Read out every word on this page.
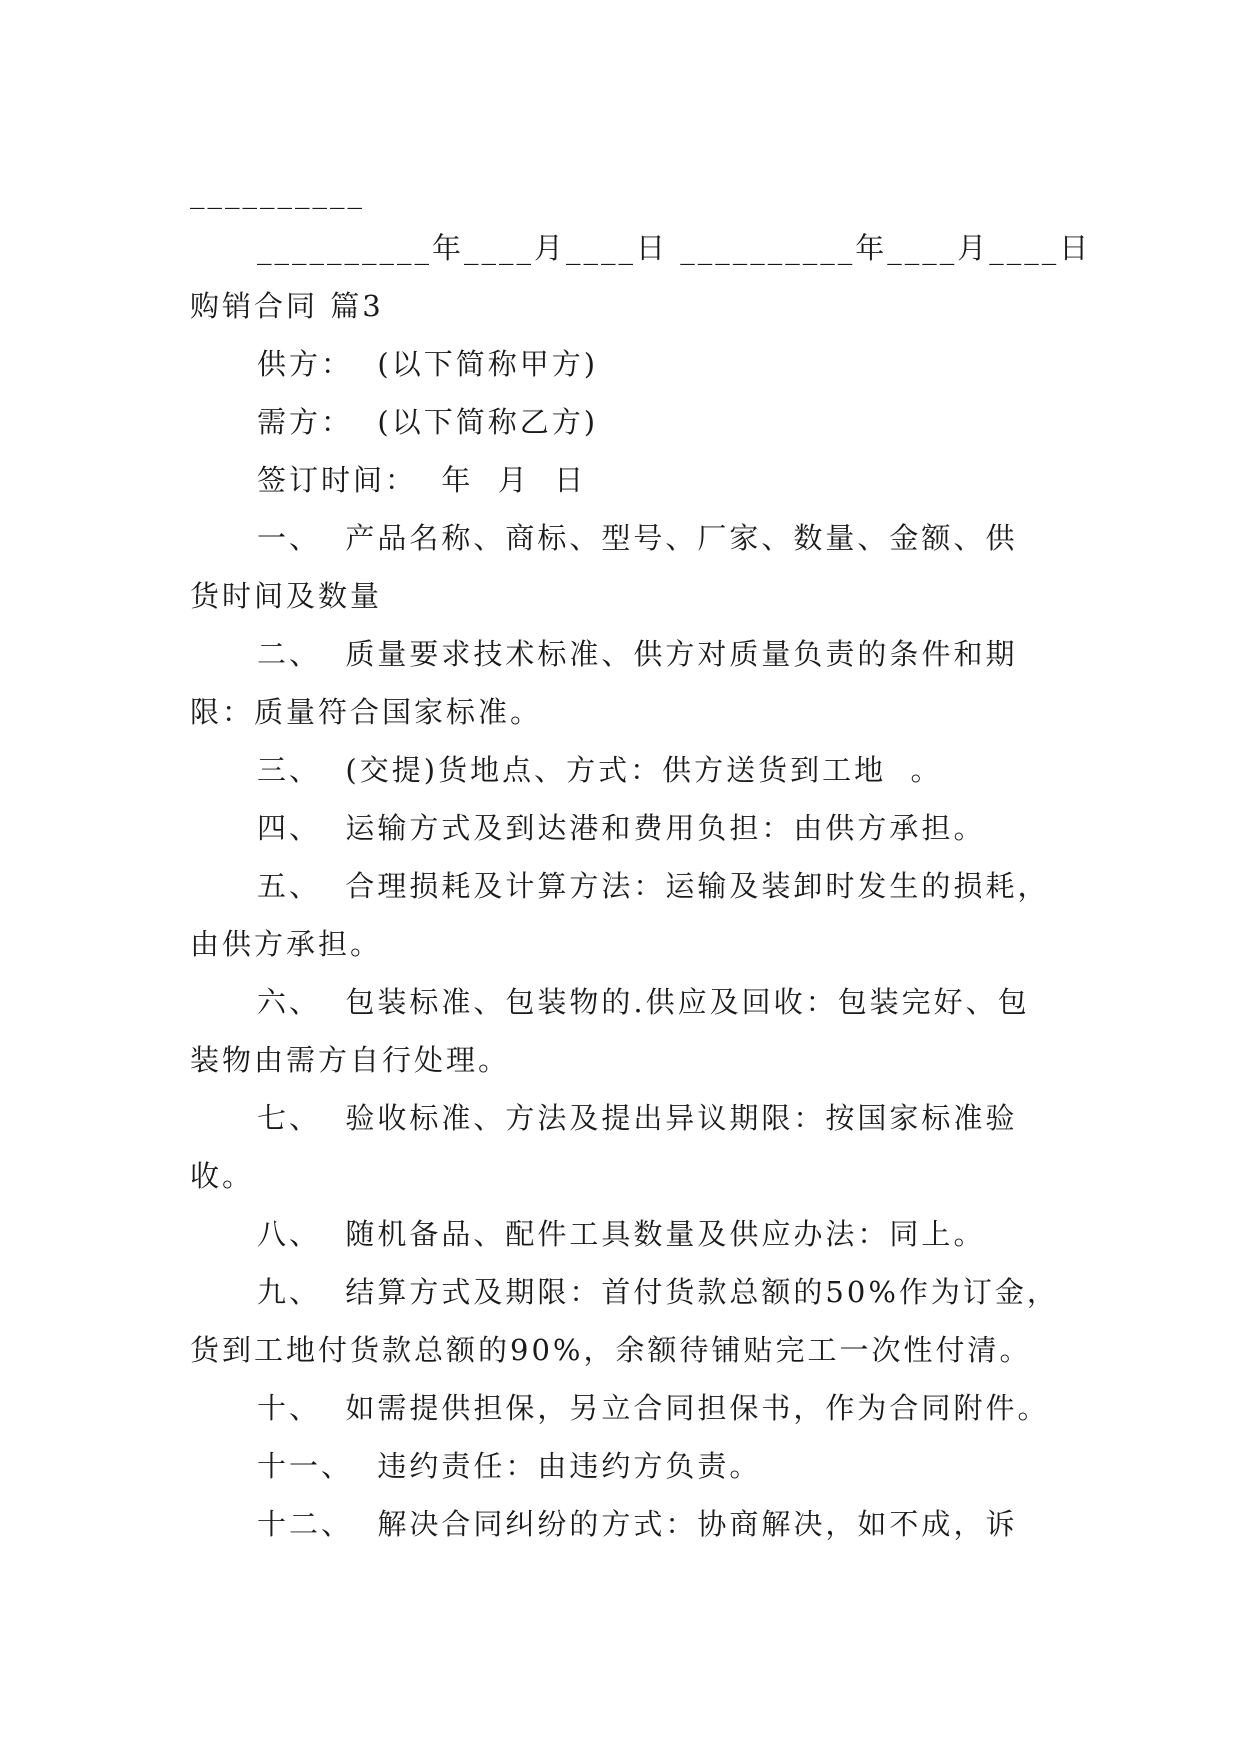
__________
__________年____月____日 __________年____月____日
购销合同 篇3
供方：  (以下简称甲方)
需方：  (以下简称乙方)
签订时间：  年  月  日
一、  产品名称、商标、型号、厂家、数量、金额、供
货时间及数量
二、  质量要求技术标准、供方对质量负责的条件和期
限：质量符合国家标准。
三、  (交提)货地点、方式：供方送货到工地  。
四、  运输方式及到达港和费用负担：由供方承担。
五、  合理损耗及计算方法：运输及装卸时发生的损耗，
由供方承担。
六、  包装标准、包装物的.供应及回收：包装完好、包
装物由需方自行处理。
七、  验收标准、方法及提出异议期限：按国家标准验
收。
八、  随机备品、配件工具数量及供应办法：同上。
九、  结算方式及期限：首付货款总额的50%作为订金，
货到工地付货款总额的90%，余额待铺贴完工一次性付清。
十、  如需提供担保，另立合同担保书，作为合同附件。
十一、  违约责任：由违约方负责。
十二、  解决合同纠纷的方式：协商解决，如不成，诉
